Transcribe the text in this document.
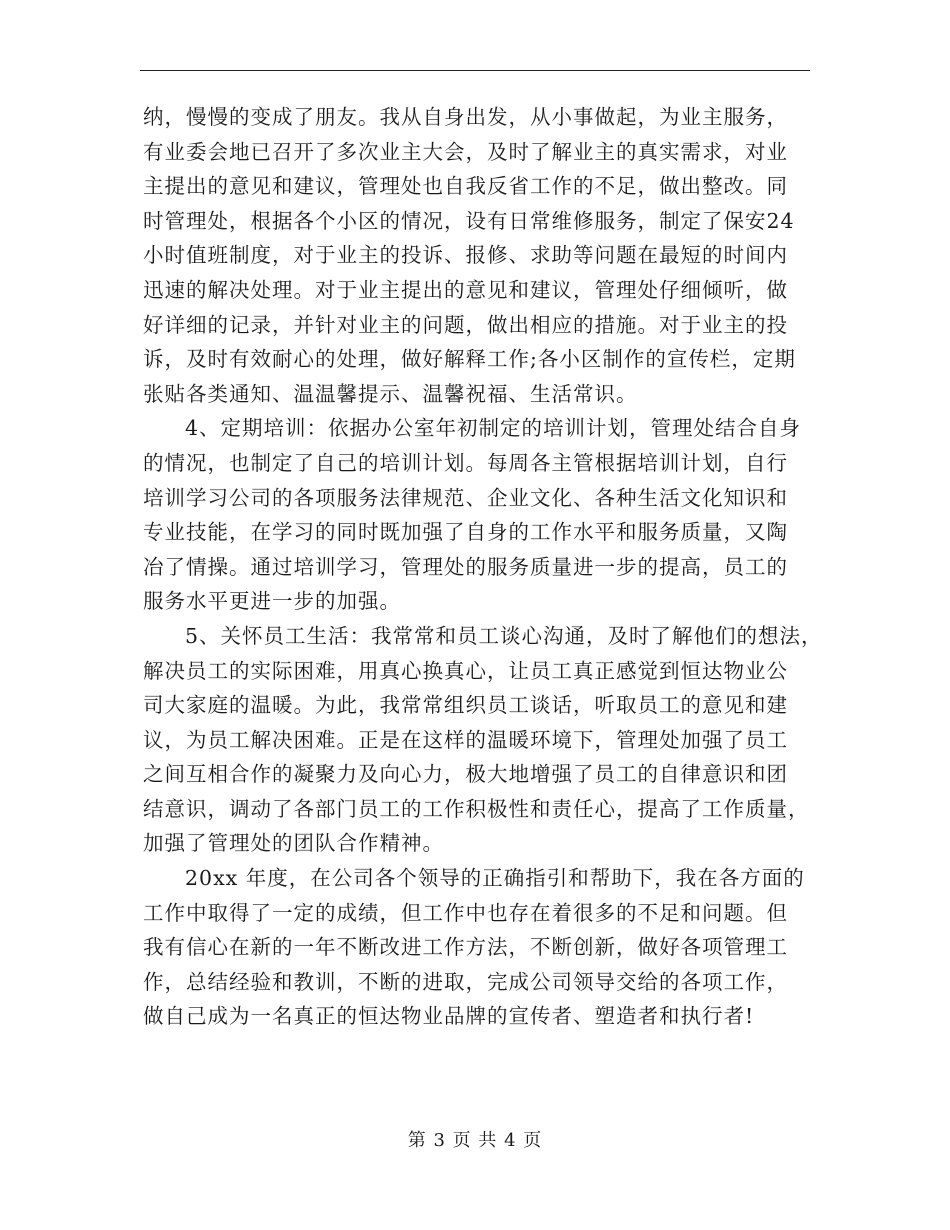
纳，慢慢的变成了朋友。我从自身出发，从小事做起，为业主服务，
有业委会地已召开了多次业主大会，及时了解业主的真实需求，对业
主提出的意见和建议，管理处也自我反省工作的不足，做出整改。同
时管理处，根据各个小区的情况，设有日常维修服务，制定了保安24
小时值班制度，对于业主的投诉、报修、求助等问题在最短的时间内
迅速的解决处理。对于业主提出的意见和建议，管理处仔细倾听，做
好详细的记录，并针对业主的问题，做出相应的措施。对于业主的投
诉，及时有效耐心的处理，做好解释工作;各小区制作的宣传栏，定期
张贴各类通知、温温馨提示、温馨祝福、生活常识。
4、定期培训：依据办公室年初制定的培训计划，管理处结合自身
的情况，也制定了自己的培训计划。每周各主管根据培训计划，自行
培训学习公司的各项服务法律规范、企业文化、各种生活文化知识和
专业技能，在学习的同时既加强了自身的工作水平和服务质量，又陶
冶了情操。通过培训学习，管理处的服务质量进一步的提高，员工的
服务水平更进一步的加强。
5、关怀员工生活：我常常和员工谈心沟通，及时了解他们的想法，
解决员工的实际困难，用真心换真心，让员工真正感觉到恒达物业公
司大家庭的温暖。为此，我常常组织员工谈话，听取员工的意见和建
议，为员工解决困难。正是在这样的温暖环境下，管理处加强了员工
之间互相合作的凝聚力及向心力，极大地增强了员工的自律意识和团
结意识，调动了各部门员工的工作积极性和责任心，提高了工作质量，
加强了管理处的团队合作精神。
20xx 年度，在公司各个领导的正确指引和帮助下，我在各方面的
工作中取得了一定的成绩，但工作中也存在着很多的不足和问题。但
我有信心在新的一年不断改进工作方法，不断创新，做好各项管理工
作，总结经验和教训，不断的进取，完成公司领导交给的各项工作，
做自己成为一名真正的恒达物业品牌的宣传者、塑造者和执行者!
第 3 页 共 4 页
